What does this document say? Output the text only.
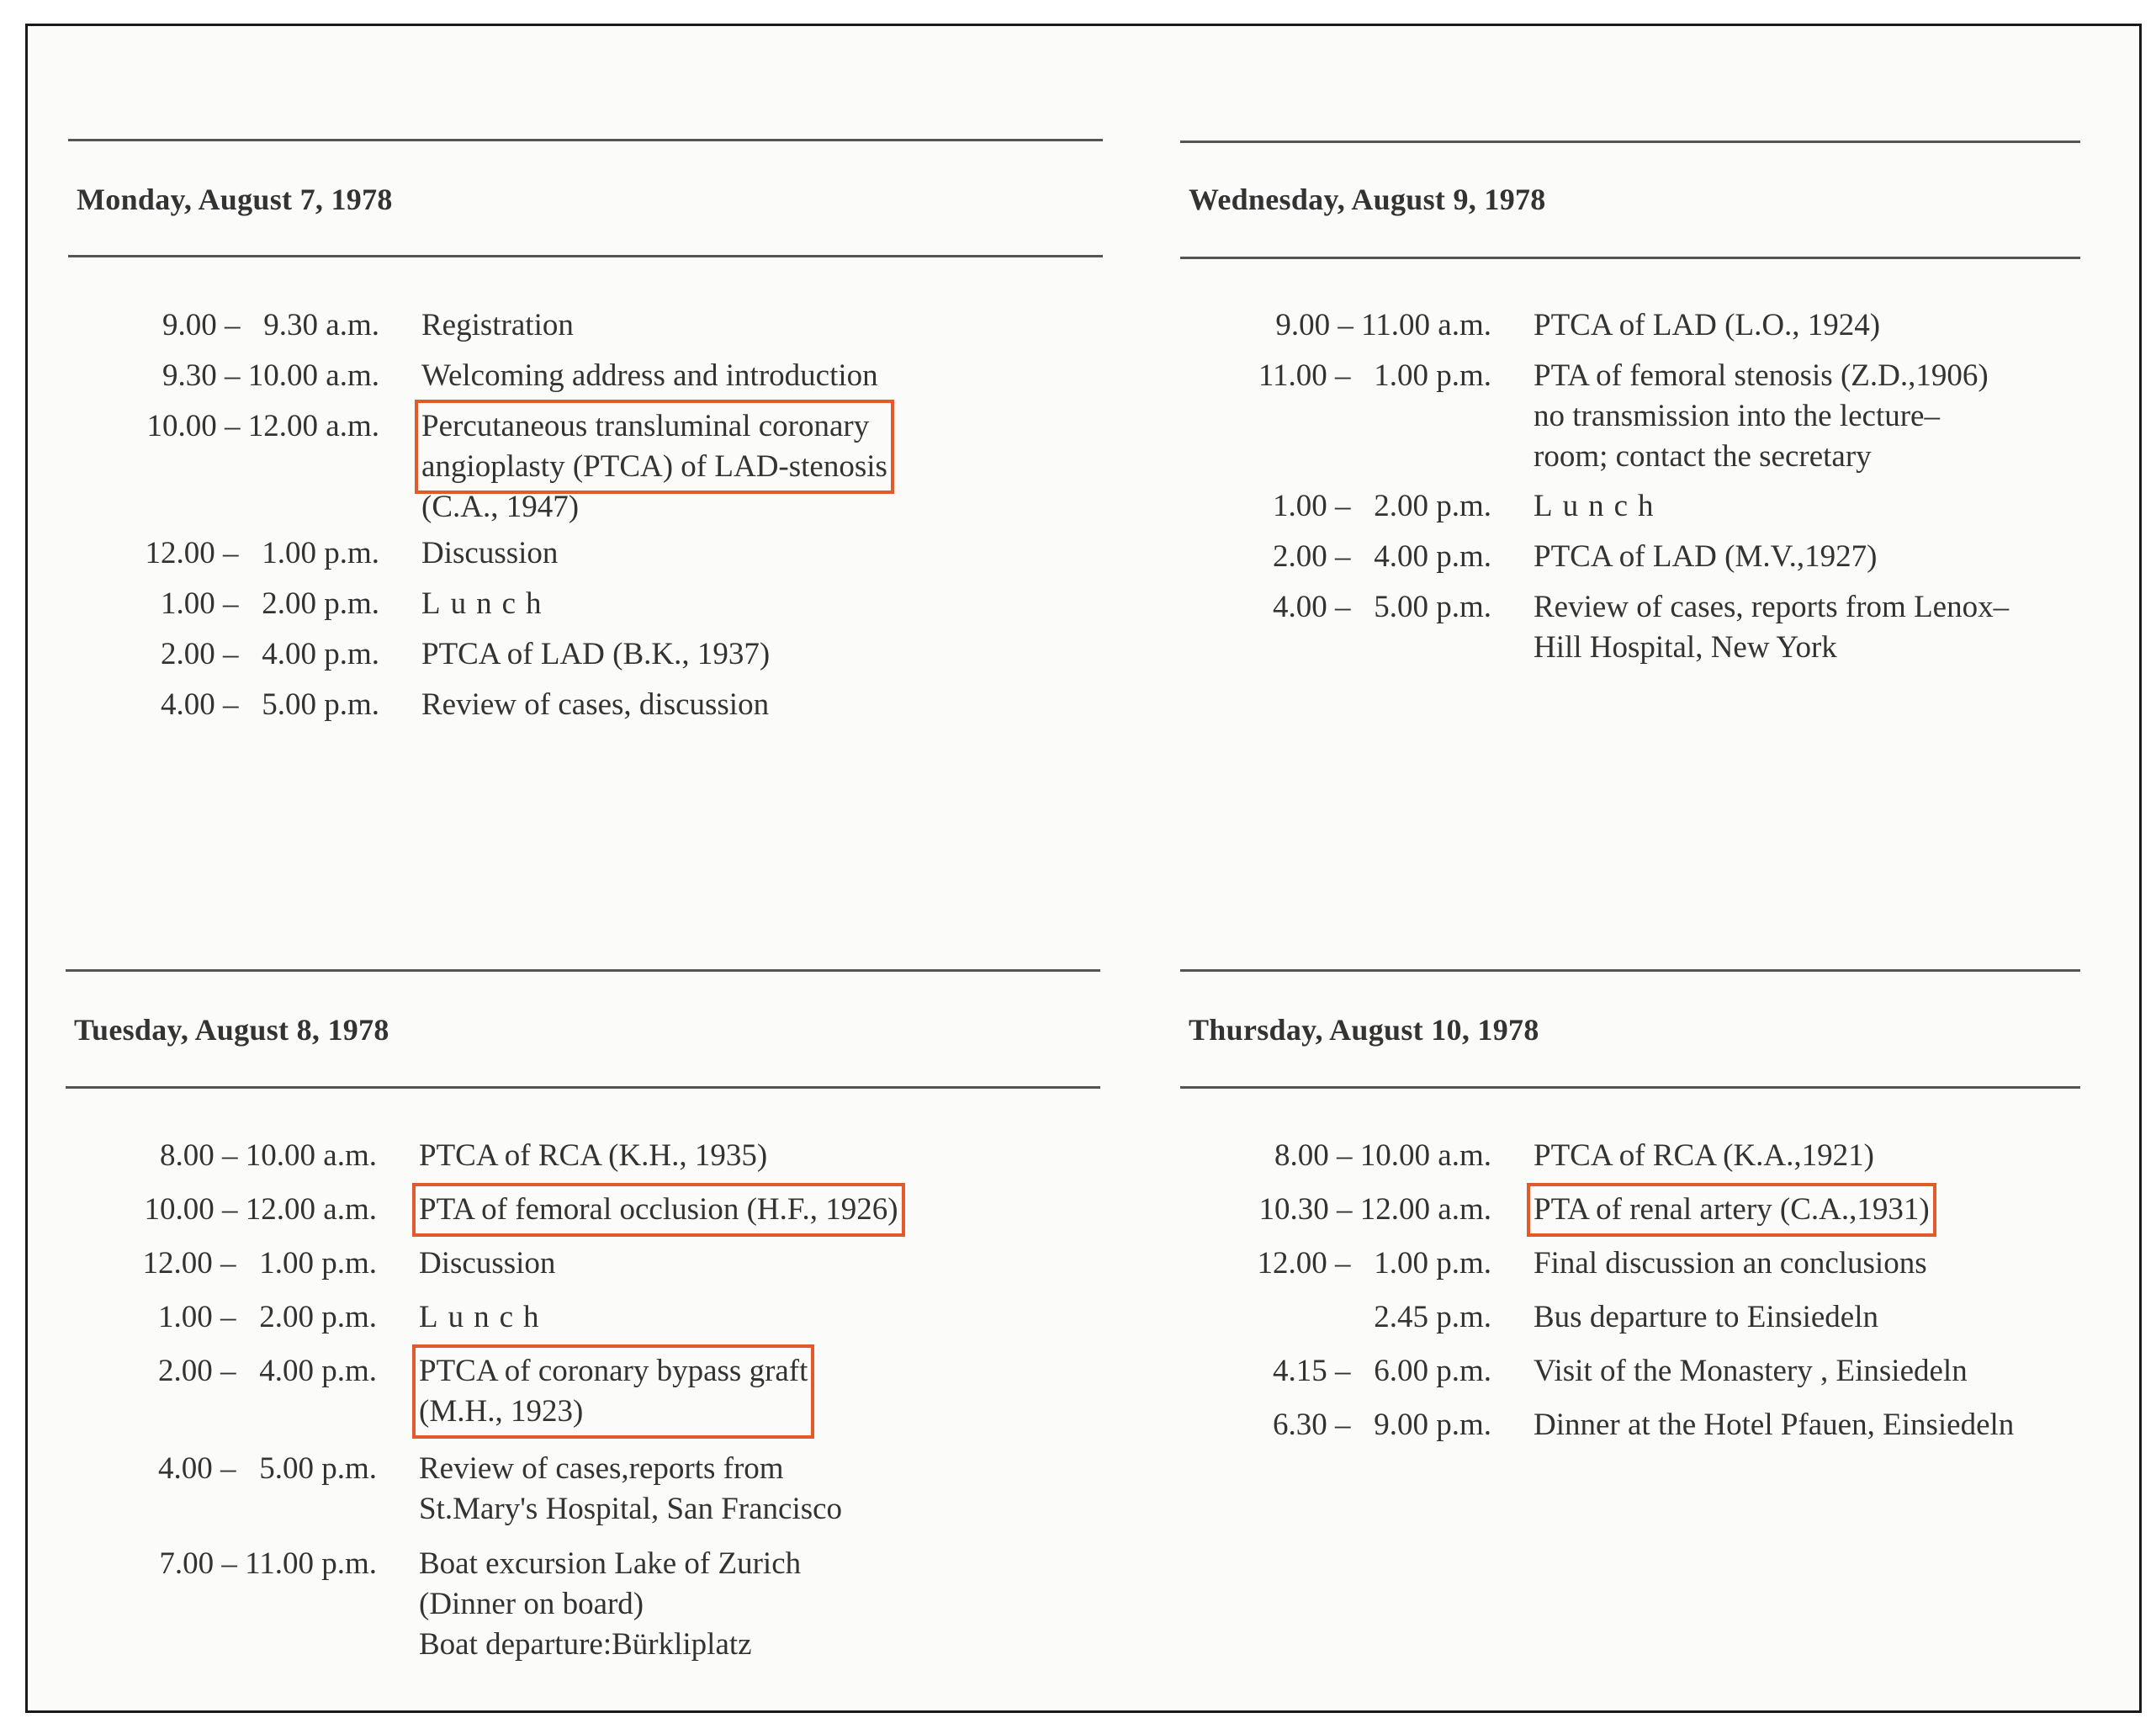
Monday, August 7, 1978
9.00 –   9.30 a.m. Registration
9.30 – 10.00 a.m. Welcoming address and introduction
10.00 – 12.00 a.m. Percutaneous transluminal coronary
angioplasty (PTCA) of LAD-stenosis
(C.A., 1947)
12.00 –   1.00 p.m. Discussion
1.00 –   2.00 p.m. Lunch
2.00 –   4.00 p.m. PTCA of LAD (B.K., 1937)
4.00 –   5.00 p.m. Review of cases, discussion
Wednesday, August 9, 1978
9.00 – 11.00 a.m. PTCA of LAD (L.O., 1924)
11.00 –   1.00 p.m. PTA of femoral stenosis (Z.D.,1906)
no transmission into the lecture–
room; contact the secretary
1.00 –   2.00 p.m. Lunch
2.00 –   4.00 p.m. PTCA of LAD (M.V.,1927)
4.00 –   5.00 p.m. Review of cases, reports from Lenox–
Hill Hospital, New York
Tuesday, August 8, 1978
8.00 – 10.00 a.m. PTCA of RCA (K.H., 1935)
10.00 – 12.00 a.m. PTA of femoral occlusion (H.F., 1926)
12.00 –   1.00 p.m. Discussion
1.00 –   2.00 p.m. Lunch
2.00 –   4.00 p.m. PTCA of coronary bypass graft
(M.H., 1923)
4.00 –   5.00 p.m. Review of cases,reports from
St.Mary's Hospital, San Francisco
7.00 – 11.00 p.m. Boat excursion Lake of Zurich
(Dinner on board)
Boat departure:Bürkliplatz
Thursday, August 10, 1978
8.00 – 10.00 a.m. PTCA of RCA (K.A.,1921)
10.30 – 12.00 a.m. PTA of renal artery (C.A.,1931)
12.00 –   1.00 p.m. Final discussion an conclusions
2.45 p.m. Bus departure to Einsiedeln
4.15 –   6.00 p.m. Visit of the Monastery , Einsiedeln
6.30 –   9.00 p.m. Dinner at the Hotel Pfauen, Einsiedeln
